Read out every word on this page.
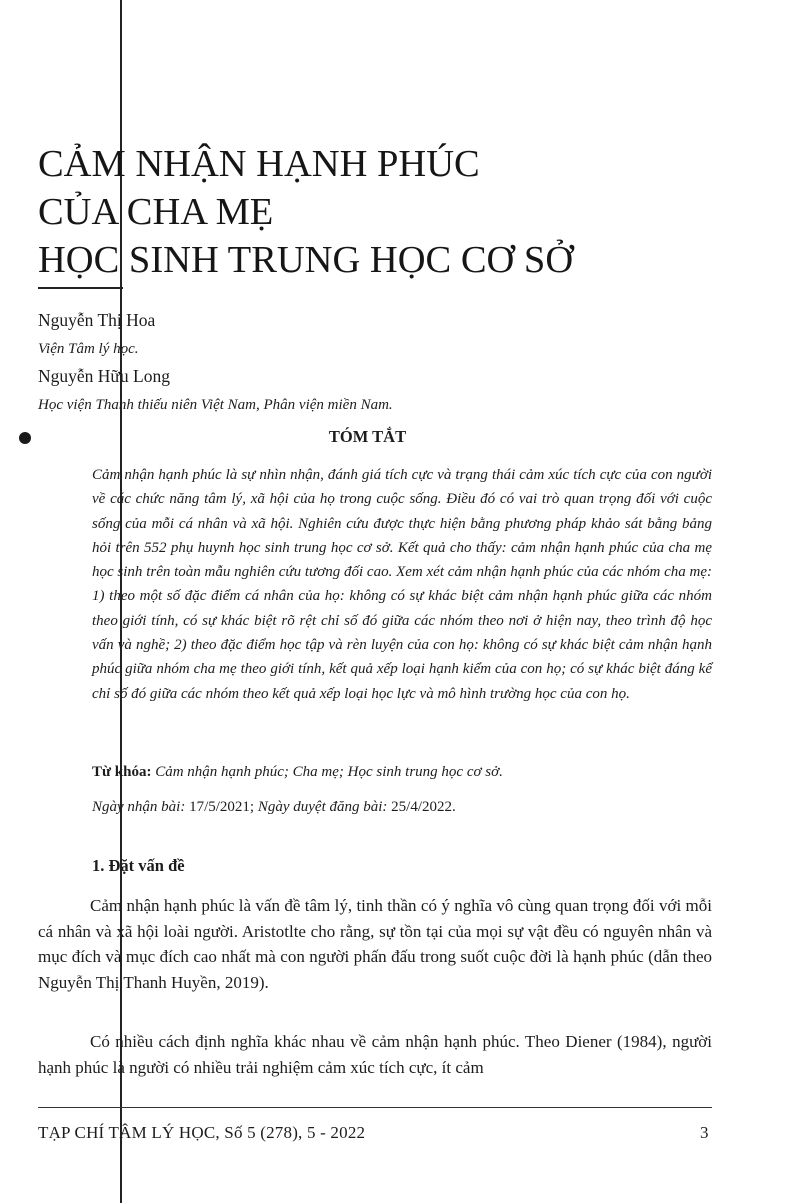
CẢM NHẬN HẠNH PHÚC
CỦA CHA MẸ
HỌC SINH TRUNG HỌC CƠ SỞ
Nguyễn Thị Hoa
Viện Tâm lý học.
Nguyễn Hữu Long
Học viện Thanh thiếu niên Việt Nam, Phân viện miền Nam.
TÓM TẮT

Cảm nhận hạnh phúc là sự nhìn nhận, đánh giá tích cực và trạng thái cảm xúc tích cực của con người về các chức năng tâm lý, xã hội của họ trong cuộc sống. Điều đó có vai trò quan trọng đối với cuộc sống của mỗi cá nhân và xã hội. Nghiên cứu được thực hiện bằng phương pháp khảo sát bằng bảng hỏi trên 552 phụ huynh học sinh trung học cơ sở. Kết quả cho thấy: cảm nhận hạnh phúc của cha mẹ học sinh trên toàn mẫu nghiên cứu tương đối cao. Xem xét cảm nhận hạnh phúc của các nhóm cha mẹ: 1) theo một số đặc điểm cá nhân của họ: không có sự khác biệt cảm nhận hạnh phúc giữa các nhóm theo giới tính, có sự khác biệt rõ rệt chỉ số đó giữa các nhóm theo nơi ở hiện nay, theo trình độ học vấn và nghề; 2) theo đặc điểm học tập và rèn luyện của con họ: không có sự khác biệt cảm nhận hạnh phúc giữa nhóm cha mẹ theo giới tính, kết quả xếp loại hạnh kiểm của con họ; có sự khác biệt đáng kể chỉ số đó giữa các nhóm theo kết quả xếp loại học lực và mô hình trường học của con họ.

Từ khóa: Cảm nhận hạnh phúc; Cha mẹ; Học sinh trung học cơ sở.
Ngày nhận bài: 17/5/2021; Ngày duyệt đăng bài: 25/4/2022.
1. Đặt vấn đề

Cảm nhận hạnh phúc là vấn đề tâm lý, tinh thần có ý nghĩa vô cùng quan trọng đối với mỗi cá nhân và xã hội loài người. Aristotlte cho rằng, sự tồn tại của mọi sự vật đều có nguyên nhân và mục đích và mục đích cao nhất mà con người phấn đấu trong suốt cuộc đời là hạnh phúc (dẫn theo Nguyễn Thị Thanh Huyền, 2019).

Có nhiều cách định nghĩa khác nhau về cảm nhận hạnh phúc. Theo Diener (1984), người hạnh phúc là người có nhiều trải nghiệm cảm xúc tích cực, ít cảm

TẠP CHÍ TÂM LÝ HỌC, Số 5 (278), 5 - 2022	3
